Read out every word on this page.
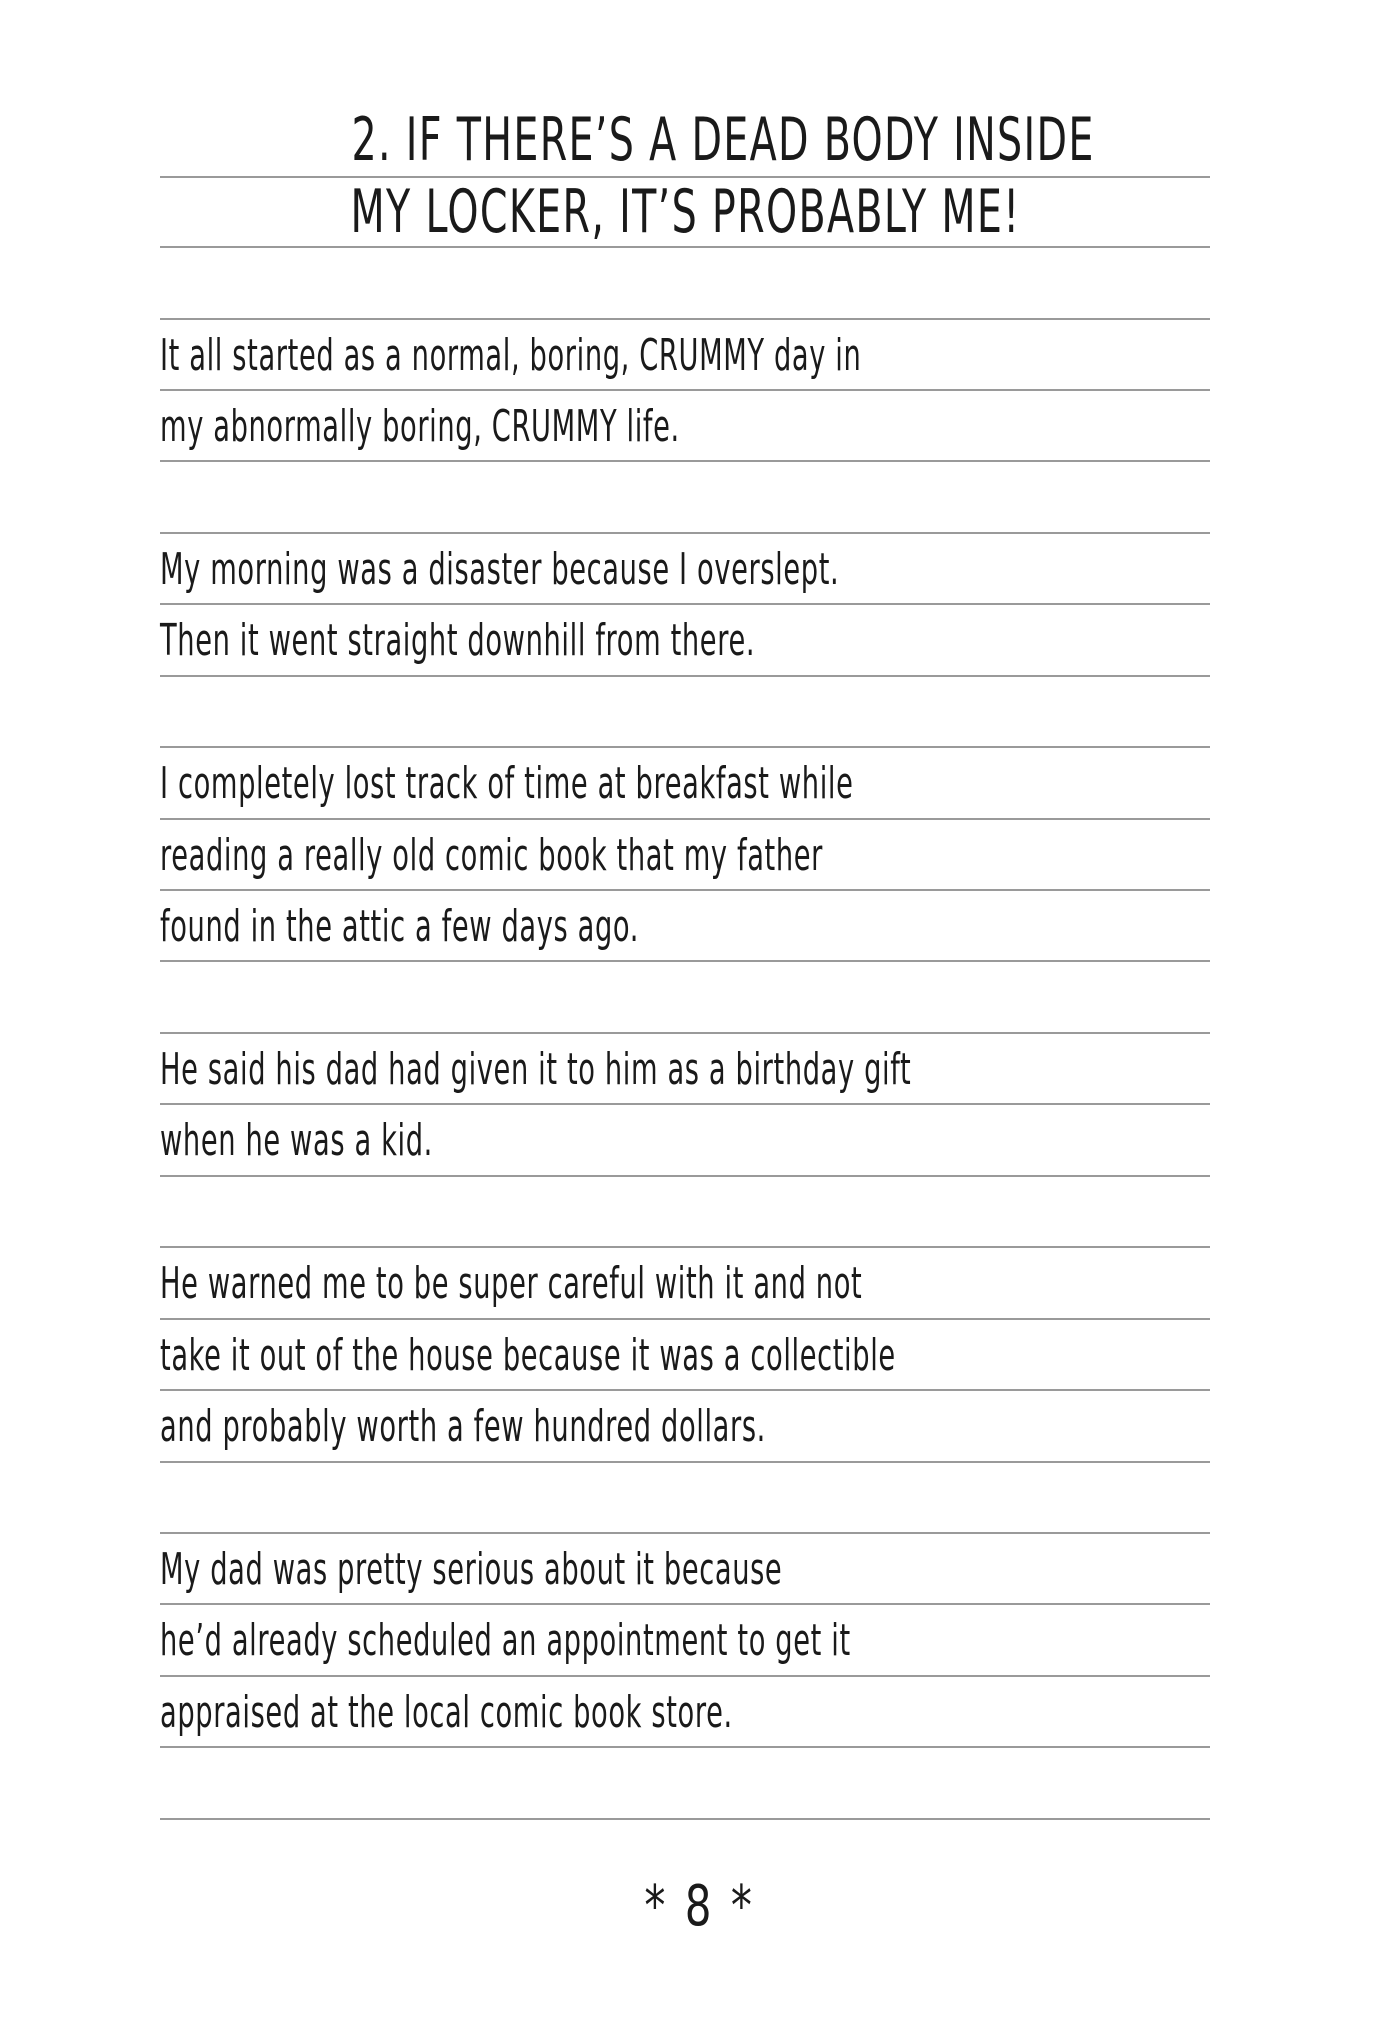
2. IF THERE’S A DEAD BODY INSIDE
MY LOCKER, IT’S PROBABLY ME!
It all started as a normal, boring, CRUMMY day in
my abnormally boring, CRUMMY life.
My morning was a disaster because I overslept.
Then it went straight downhill from there.
I completely lost track of time at breakfast while
reading a really old comic book that my father
found in the attic a few days ago.
He said his dad had given it to him as a birthday gift
when he was a kid.
He warned me to be super careful with it and not
take it out of the house because it was a collectible
and probably worth a few hundred dollars.
My dad was pretty serious about it because
he’d already scheduled an appointment to get it
appraised at the local comic book store.
* 8 *
